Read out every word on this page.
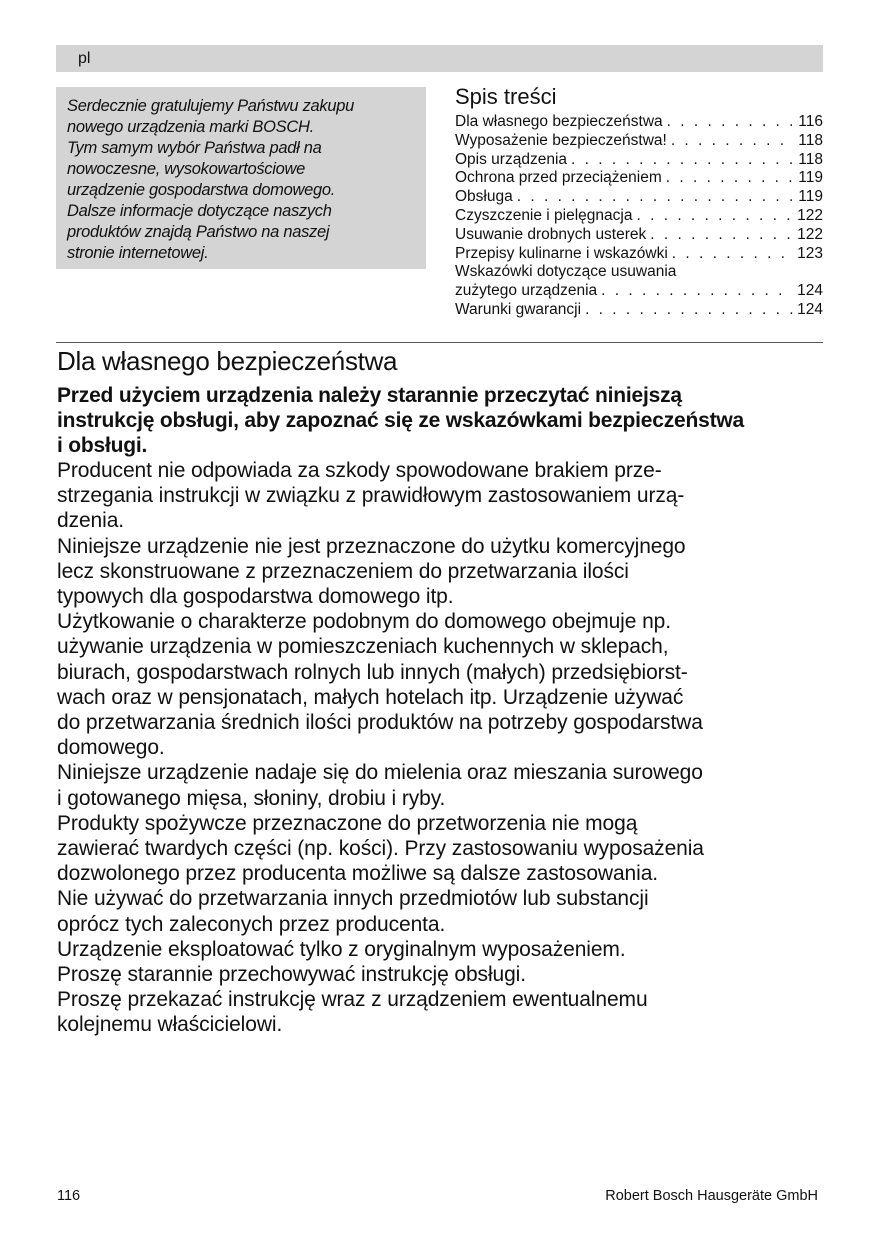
pl

Serdecznie gratulujemy Państwu zakupu
nowego urządzenia marki BOSCH.
Tym samym wybór Państwa padł na
nowoczesne, wysokowartościowe
urządzenie gospodarstwa domowego.
Dalsze informacje dotyczące naszych
produktów znajdą Państwo na naszej
stronie internetowej.

Spis treści
Dla własnego bezpieczeństwa . . .	116
Wyposażenie bezpieczeństwa! . . .	118
Opis urządzenia . . .	118
Ochrona przed przeciążeniem . . .	119
Obsługa . . .	119
Czyszczenie i pielęgnacja . . .	122
Usuwanie drobnych usterek . . .	122
Przepisy kulinarne i wskazówki . . .	123
Wskazówki dotyczące usuwania
zużytego urządzenia . . .	124
Warunki gwarancji . . .	124
Dla własnego bezpieczeństwa

Przed użyciem urządzenia należy starannie przeczytać niniejszą
instrukcję obsługi, aby zapoznać się ze wskazówkami bezpieczeństwa
i obsługi.

Producent nie odpowiada za szkody spowodowane brakiem prze-
strzegania instrukcji w związku z prawidłowym zastosowaniem urzą-
dzenia.

Niniejsze urządzenie nie jest przeznaczone do użytku komercyjnego
lecz skonstruowane z przeznaczeniem do przetwarzania ilości
typowych dla gospodarstwa domowego itp.

Użytkowanie o charakterze podobnym do domowego obejmuje np.
używanie urządzenia w pomieszczeniach kuchennych w sklepach,
biurach, gospodarstwach rolnych lub innych (małych) przedsiębiorst-
wach oraz w pensjonatach, małych hotelach itp. Urządzenie używać
do przetwarzania średnich ilości produktów na potrzeby gospodarstwa
domowego.

Niniejsze urządzenie nadaje się do mielenia oraz mieszania surowego
i gotowanego mięsa, słoniny, drobiu i ryby.

Produkty spożywcze przeznaczone do przetworzenia nie mogą
zawierać twardych części (np. kości). Przy zastosowaniu wyposażenia
dozwolonego przez producenta możliwe są dalsze zastosowania.

Nie używać do przetwarzania innych przedmiotów lub substancji
oprócz tych zaleconych przez producenta.

Urządzenie eksploatować tylko z oryginalnym wyposażeniem.

Proszę starannie przechowywać instrukcję obsługi.

Proszę przekazać instrukcję wraz z urządzeniem ewentualnemu
kolejnemu właścicielowi.

116	Robert Bosch Hausgeräte GmbH
